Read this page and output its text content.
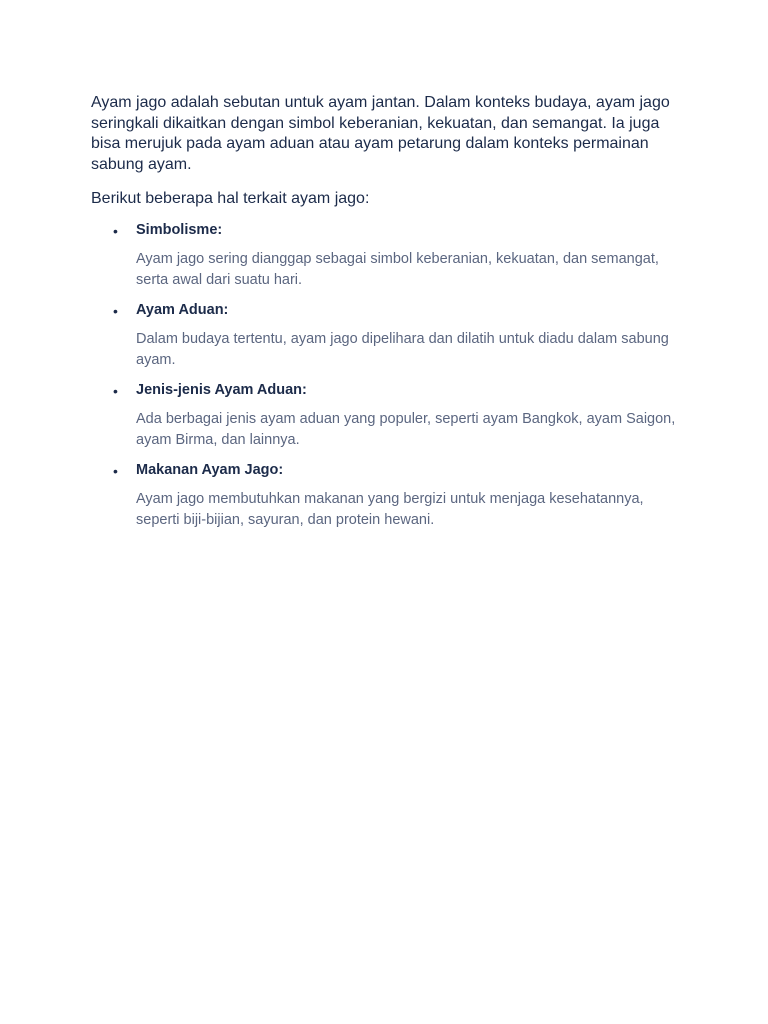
Ayam jago adalah sebutan untuk ayam jantan. Dalam konteks budaya, ayam jago seringkali dikaitkan dengan simbol keberanian, kekuatan, dan semangat. Ia juga bisa merujuk pada ayam aduan atau ayam petarung dalam konteks permainan sabung ayam.

Berikut beberapa hal terkait ayam jago:

• Simbolisme:
Ayam jago sering dianggap sebagai simbol keberanian, kekuatan, dan semangat, serta awal dari suatu hari.
• Ayam Aduan:
Dalam budaya tertentu, ayam jago dipelihara dan dilatih untuk diadu dalam sabung ayam.
• Jenis-jenis Ayam Aduan:
Ada berbagai jenis ayam aduan yang populer, seperti ayam Bangkok, ayam Saigon, ayam Birma, dan lainnya.
• Makanan Ayam Jago:
Ayam jago membutuhkan makanan yang bergizi untuk menjaga kesehatannya, seperti biji-bijian, sayuran, dan protein hewani.
